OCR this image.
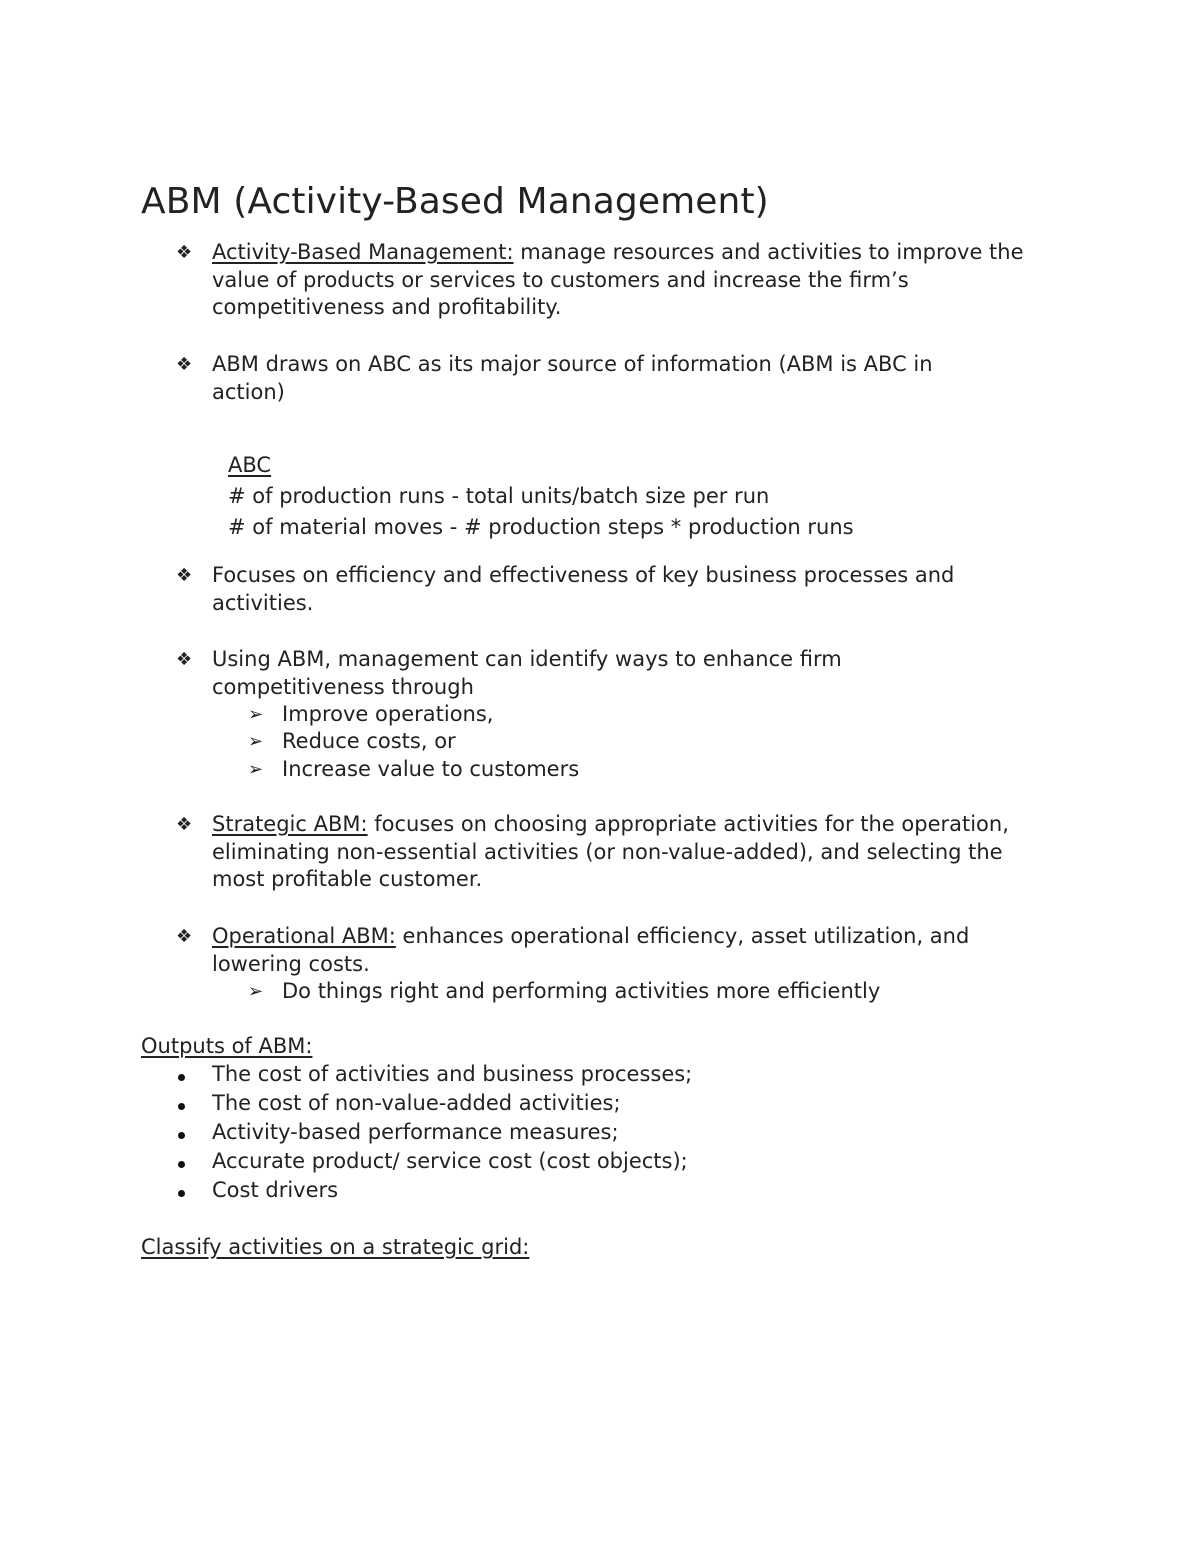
ABM (Activity-Based Management)
❖ Activity-Based Management: manage resources and activities to improve the value of products or services to customers and increase the firm’s competitiveness and profitability.
❖ ABM draws on ABC as its major source of information (ABM is ABC in action)
ABC
# of production runs - total units/batch size per run
# of material moves - # production steps * production runs
❖ Focuses on efficiency and effectiveness of key business processes and activities.
❖ Using ABM, management can identify ways to enhance firm competitiveness through
➢ Improve operations,
➢ Reduce costs, or
➢ Increase value to customers
❖ Strategic ABM: focuses on choosing appropriate activities for the operation, eliminating non-essential activities (or non-value-added), and selecting the most profitable customer.
❖ Operational ABM: enhances operational efficiency, asset utilization, and lowering costs.
➢ Do things right and performing activities more efficiently
Outputs of ABM:
The cost of activities and business processes;
The cost of non-value-added activities;
Activity-based performance measures;
Accurate product/ service cost (cost objects);
Cost drivers
Classify activities on a strategic grid:
